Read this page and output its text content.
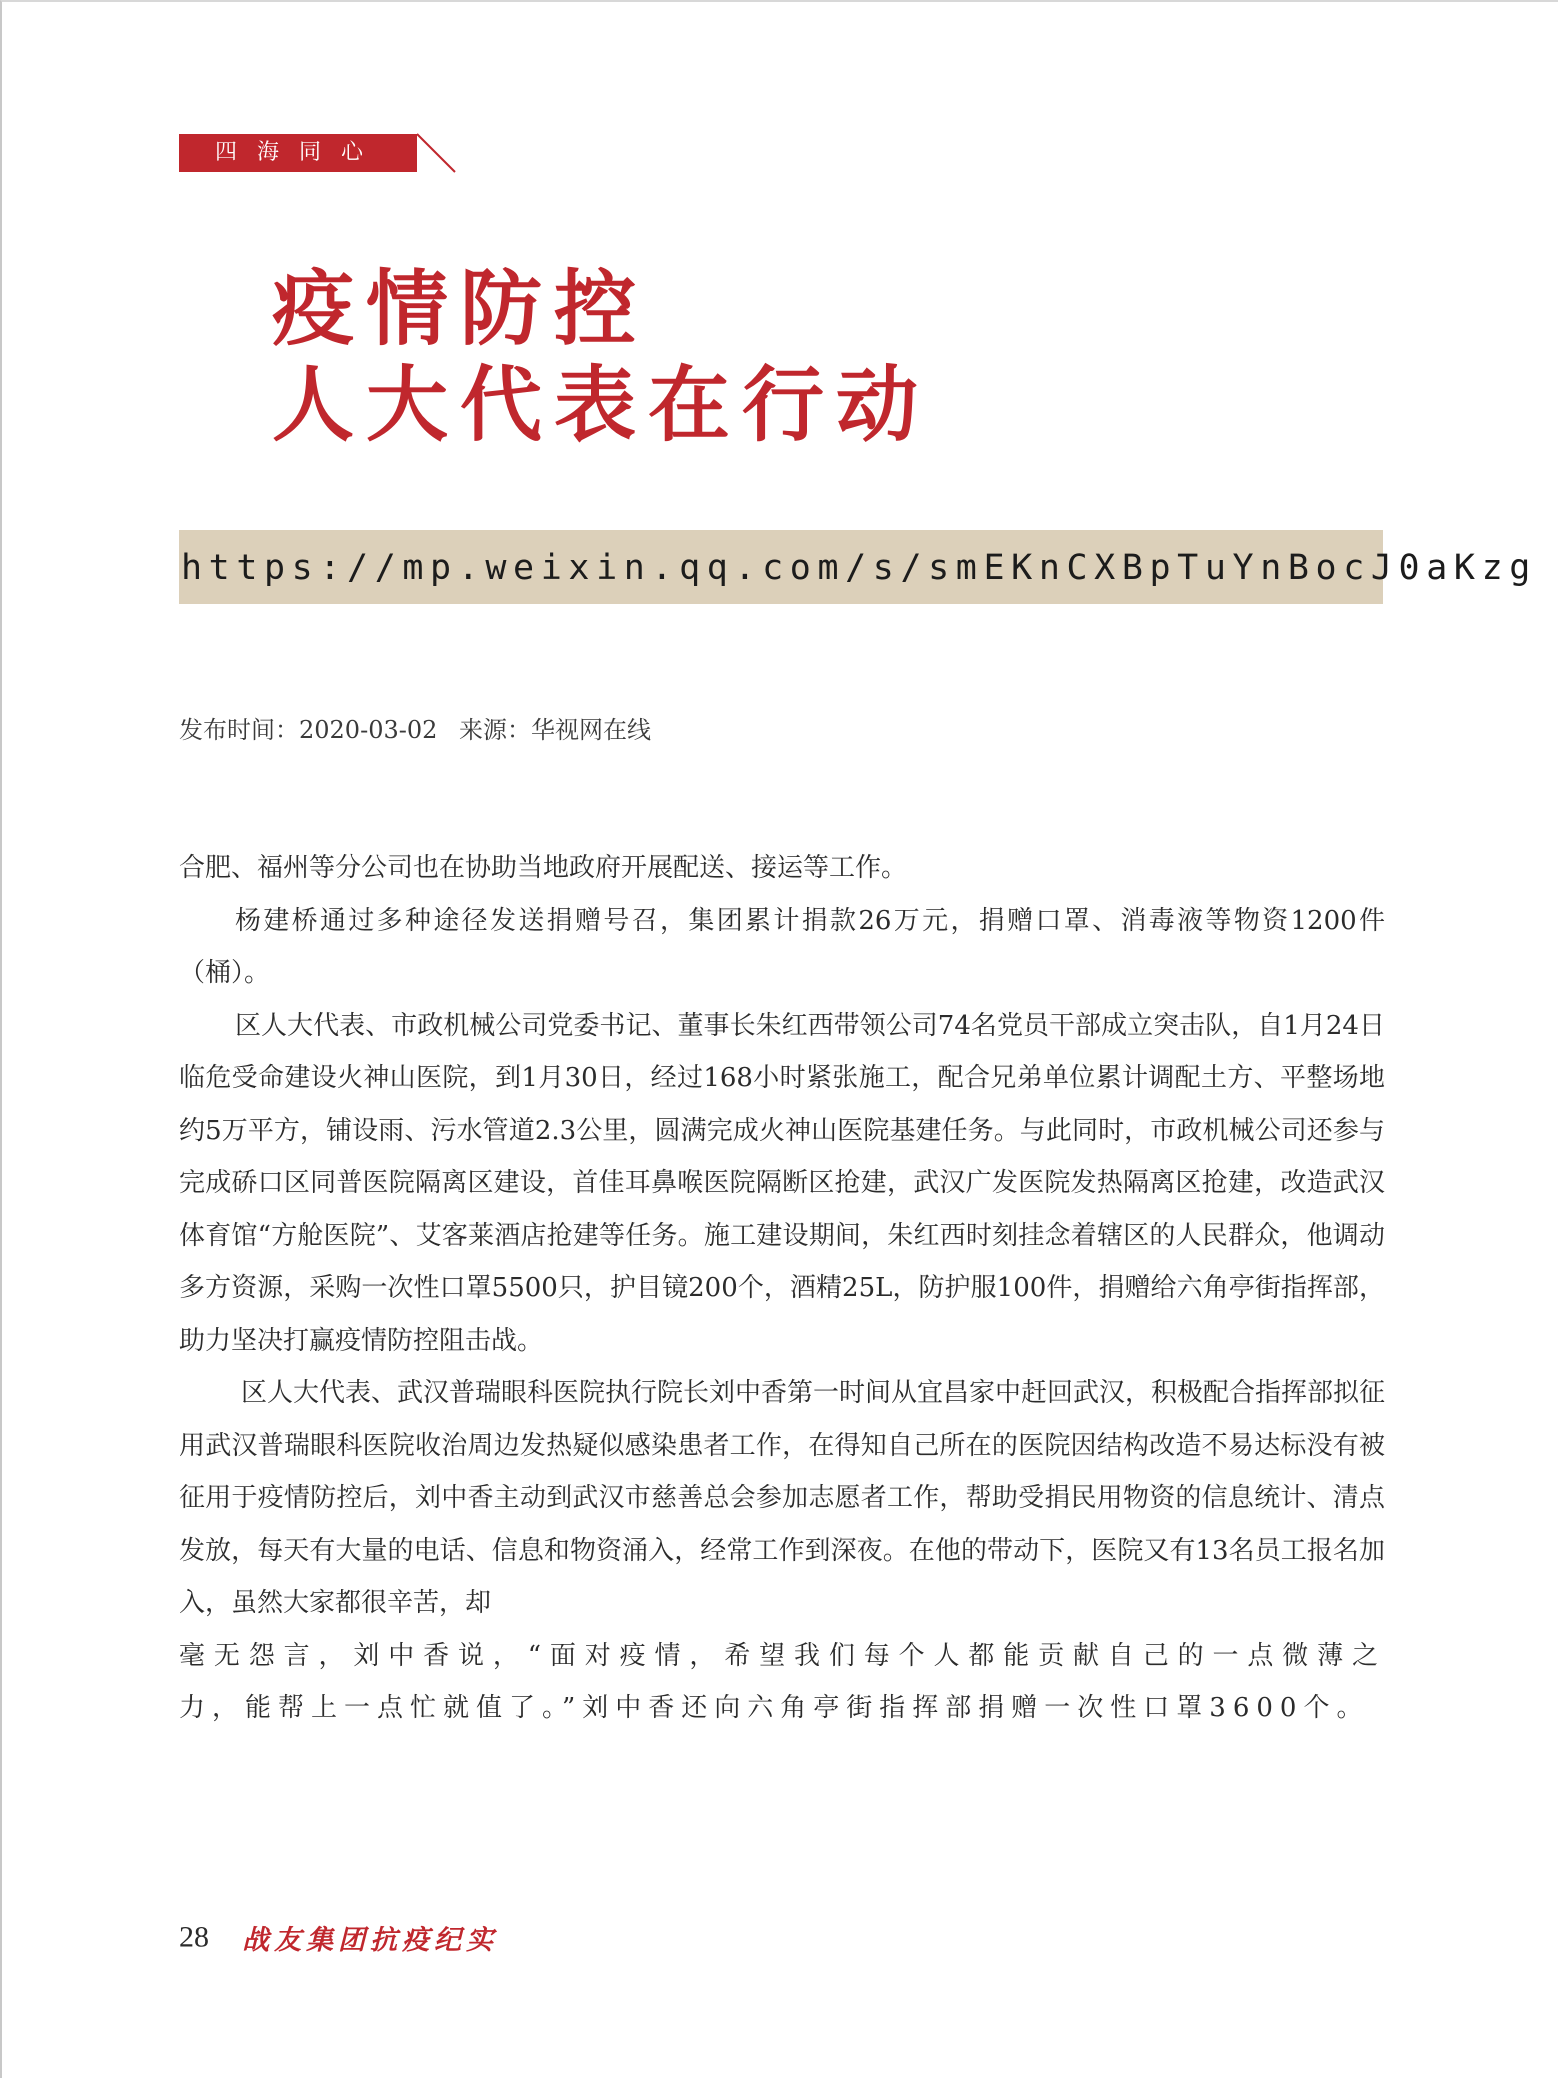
四海同心
疫情防控
人大代表在行动
https://mp.weixin.qq.com/s/smEKnCXBpTuYnBocJ0aKzg
发布时间：2020-03-02 来源：华视网在线

合肥、福州等分公司也在协助当地政府开展配送、接运等工作。

杨建桥通过多种途径发送捐赠号召，集团累计捐款26万元，捐赠口罩、消毒液等物资1200件（桶）。

区人大代表、市政机械公司党委书记、董事长朱红西带领公司74名党员干部成立突击队，自1月24日临危受命建设火神山医院，到1月30日，经过168小时紧张施工，配合兄弟单位累计调配土方、平整场地约5万平方，铺设雨、污水管道2.3公里，圆满完成火神山医院基建任务。与此同时，市政机械公司还参与完成硚口区同普医院隔离区建设，首佳耳鼻喉医院隔断区抢建，武汉广发医院发热隔离区抢建，改造武汉体育馆“方舱医院”、艾客莱酒店抢建等任务。施工建设期间，朱红西时刻挂念着辖区的人民群众，他调动多方资源，采购一次性口罩5500只，护目镜200个，酒精25L，防护服100件，捐赠给六角亭街指挥部，助力坚决打赢疫情防控阻击战。

区人大代表、武汉普瑞眼科医院执行院长刘中香第一时间从宜昌家中赶回武汉，积极配合指挥部拟征用武汉普瑞眼科医院收治周边发热疑似感染患者工作，在得知自己所在的医院因结构改造不易达标没有被征用于疫情防控后，刘中香主动到武汉市慈善总会参加志愿者工作，帮助受捐民用物资的信息统计、清点发放，每天有大量的电话、信息和物资涌入，经常工作到深夜。在他的带动下，医院又有13名员工报名加入，虽然大家都很辛苦，却

毫无怨言，刘中香说，“面对疫情，希望我们每个人都能贡献自己的一点微薄之力，能帮上一点忙就值了。”刘中香还向六角亭街指挥部捐赠一次性口罩3600个。

28 战友集团抗疫纪实
